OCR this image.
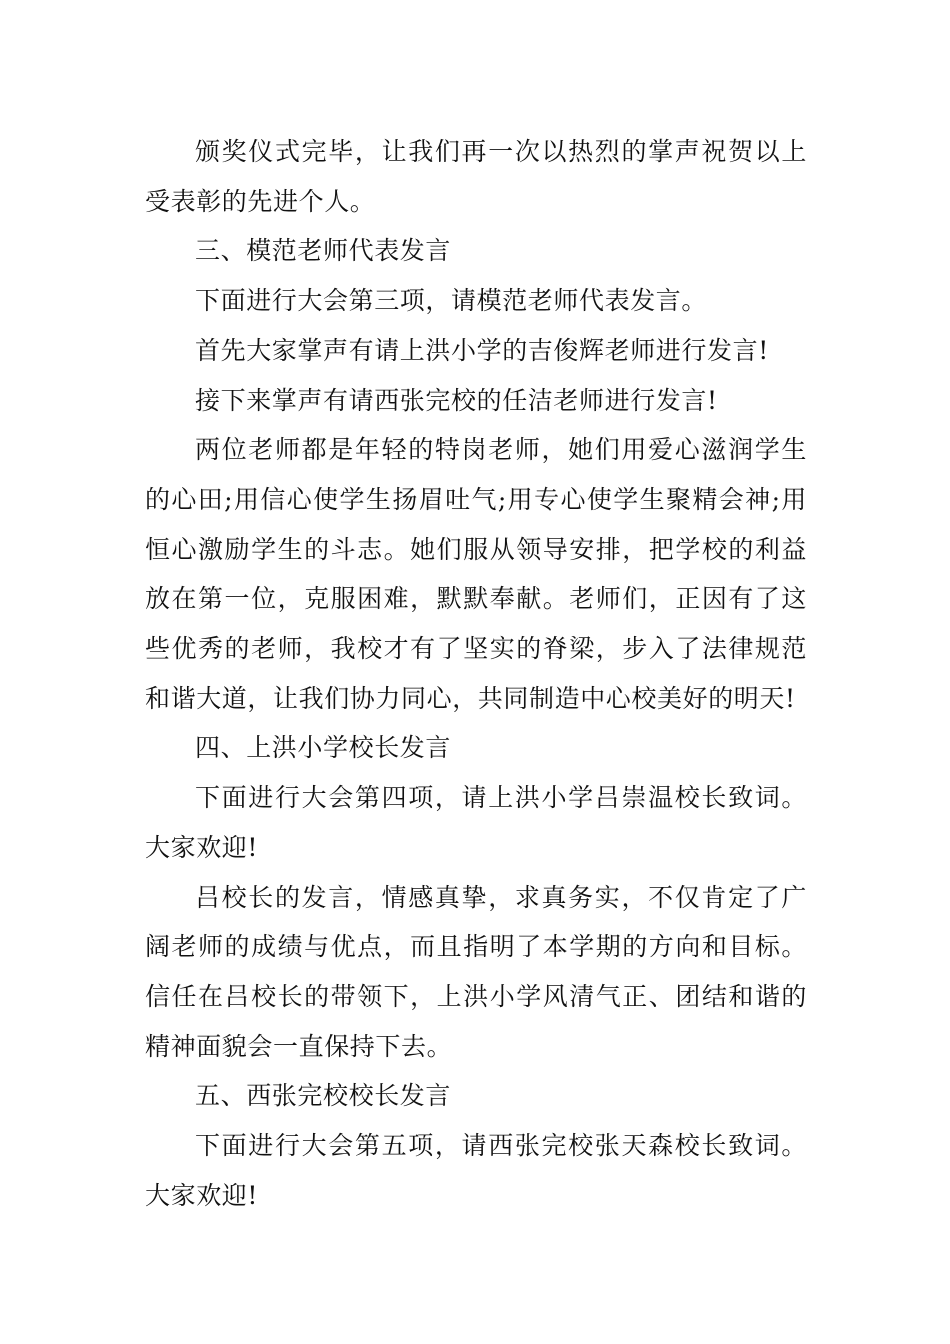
颁奖仪式完毕，让我们再一次以热烈的掌声祝贺以上受表彰的先进个人。

三、模范老师代表发言

下面进行大会第三项，请模范老师代表发言。

首先大家掌声有请上洪小学的吉俊辉老师进行发言!

接下来掌声有请西张完校的任洁老师进行发言!

两位老师都是年轻的特岗老师，她们用爱心滋润学生的心田;用信心使学生扬眉吐气;用专心使学生聚精会神;用恒心激励学生的斗志。她们服从领导安排，把学校的利益放在第一位，克服困难，默默奉献。老师们，正因有了这些优秀的老师，我校才有了坚实的脊梁，步入了法律规范和谐大道，让我们协力同心，共同制造中心校美好的明天!

四、上洪小学校长发言

下面进行大会第四项，请上洪小学吕崇温校长致词。大家欢迎!

吕校长的发言，情感真挚，求真务实，不仅肯定了广阔老师的成绩与优点，而且指明了本学期的方向和目标。信任在吕校长的带领下，上洪小学风清气正、团结和谐的精神面貌会一直保持下去。

五、西张完校校长发言

下面进行大会第五项，请西张完校张天森校长致词。大家欢迎!
